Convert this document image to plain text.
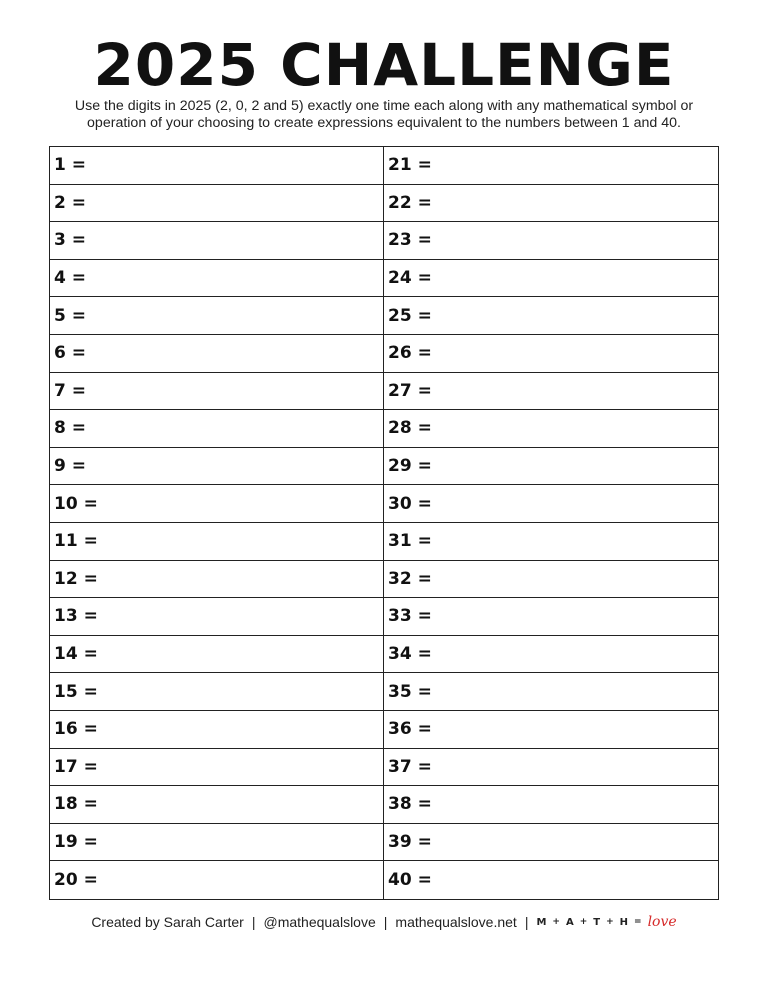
2025 CHALLENGE

Use the digits in 2025 (2, 0, 2 and 5) exactly one time each along with any mathematical symbol or
operation of your choosing to create expressions equivalent to the numbers between 1 and 40.

1 =	21 =
2 =	22 =
3 =	23 =
4 =	24 =
5 =	25 =
6 =	26 =
7 =	27 =
8 =	28 =
9 =	29 =
10 =	30 =
11 =	31 =
12 =	32 =
13 =	33 =
14 =	34 =
15 =	35 =
16 =	36 =
17 =	37 =
18 =	38 =
19 =	39 =
20 =	40 =
Created by Sarah Carter | @mathequalslove | mathequalslove.net | M + A + T + H = love
